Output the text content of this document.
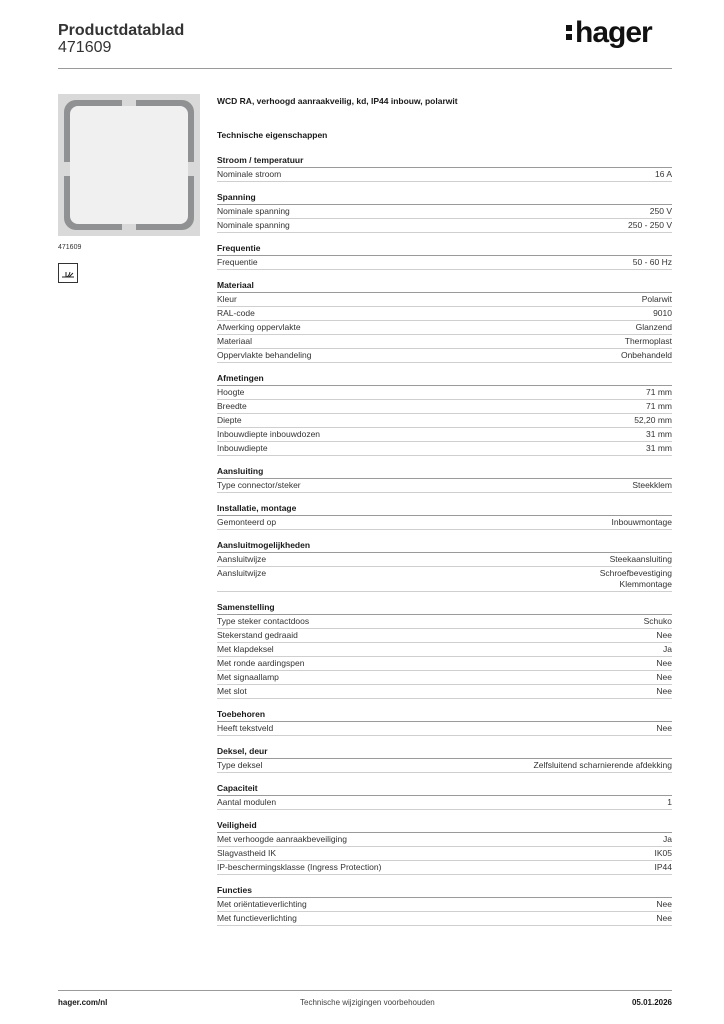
Productdatablad
471609	hager
471609
WCD RA, verhoogd aanraakveilig, kd, IP44 inbouw, polarwit
Technische eigenschappen
Stroom / temperatuur
Nominale stroom	16 A
Spanning
Nominale spanning	250 V
Nominale spanning	250 - 250 V
Frequentie
Frequentie	50 - 60 Hz
Materiaal
Kleur	Polarwit
RAL-code	9010
Afwerking oppervlakte	Glanzend
Materiaal	Thermoplast
Oppervlakte behandeling	Onbehandeld
Afmetingen
Hoogte	71 mm
Breedte	71 mm
Diepte	52,20 mm
Inbouwdiepte inbouwdozen	31 mm
Inbouwdiepte	31 mm
Aansluiting
Type connector/steker	Steekklem
Installatie, montage
Gemonteerd op	Inbouwmontage
Aansluitmogelijkheden
Aansluitwijze	Steekaansluiting
Aansluitwijze	Schroefbevestiging
Klemmontage
Samenstelling
Type steker contactdoos	Schuko
Stekerstand gedraaid	Nee
Met klapdeksel	Ja
Met ronde aardingspen	Nee
Met signaallamp	Nee
Met slot	Nee
Toebehoren
Heeft tekstveld	Nee
Deksel, deur
Type deksel	Zelfsluitend scharnierende afdekking
Capaciteit
Aantal modulen	1
Veiligheid
Met verhoogde aanraakbeveiliging	Ja
Slagvastheid IK	IK05
IP-beschermingsklasse (Ingress Protection)	IP44
Functies
Met oriëntatieverlichting	Nee
Met functieverlichting	Nee
hager.com/nl	Technische wijzigingen voorbehouden	05.01.2026
